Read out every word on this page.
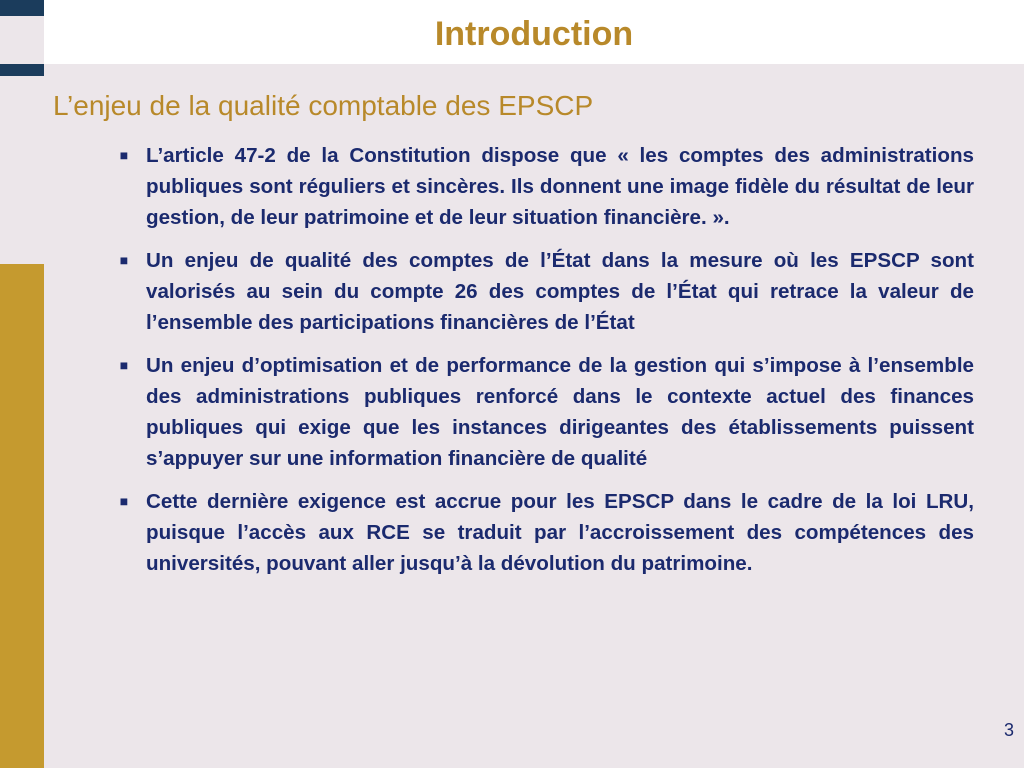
Introduction
L’enjeu de la qualité comptable des EPSCP
■ L’article 47-2 de la Constitution dispose que « les comptes des administrations publiques sont réguliers et sincères. Ils donnent une image fidèle du résultat de leur gestion, de leur patrimoine et de leur situation financière. ».
■ Un enjeu de qualité des comptes de l’État dans la mesure où les EPSCP sont valorisés au sein du compte 26 des comptes de l’État qui retrace la valeur de l’ensemble des participations financières de l’État
■ Un enjeu d’optimisation et de performance de la gestion qui s’impose à l’ensemble des administrations publiques renforcé dans le contexte actuel des finances publiques qui exige que les instances dirigeantes des établissements puissent s’appuyer sur une information financière de qualité
■ Cette dernière exigence est accrue pour les EPSCP dans le cadre de la loi LRU, puisque l’accès aux RCE se traduit par l’accroissement des compétences des universités, pouvant aller jusqu’à la dévolution du patrimoine.
3
